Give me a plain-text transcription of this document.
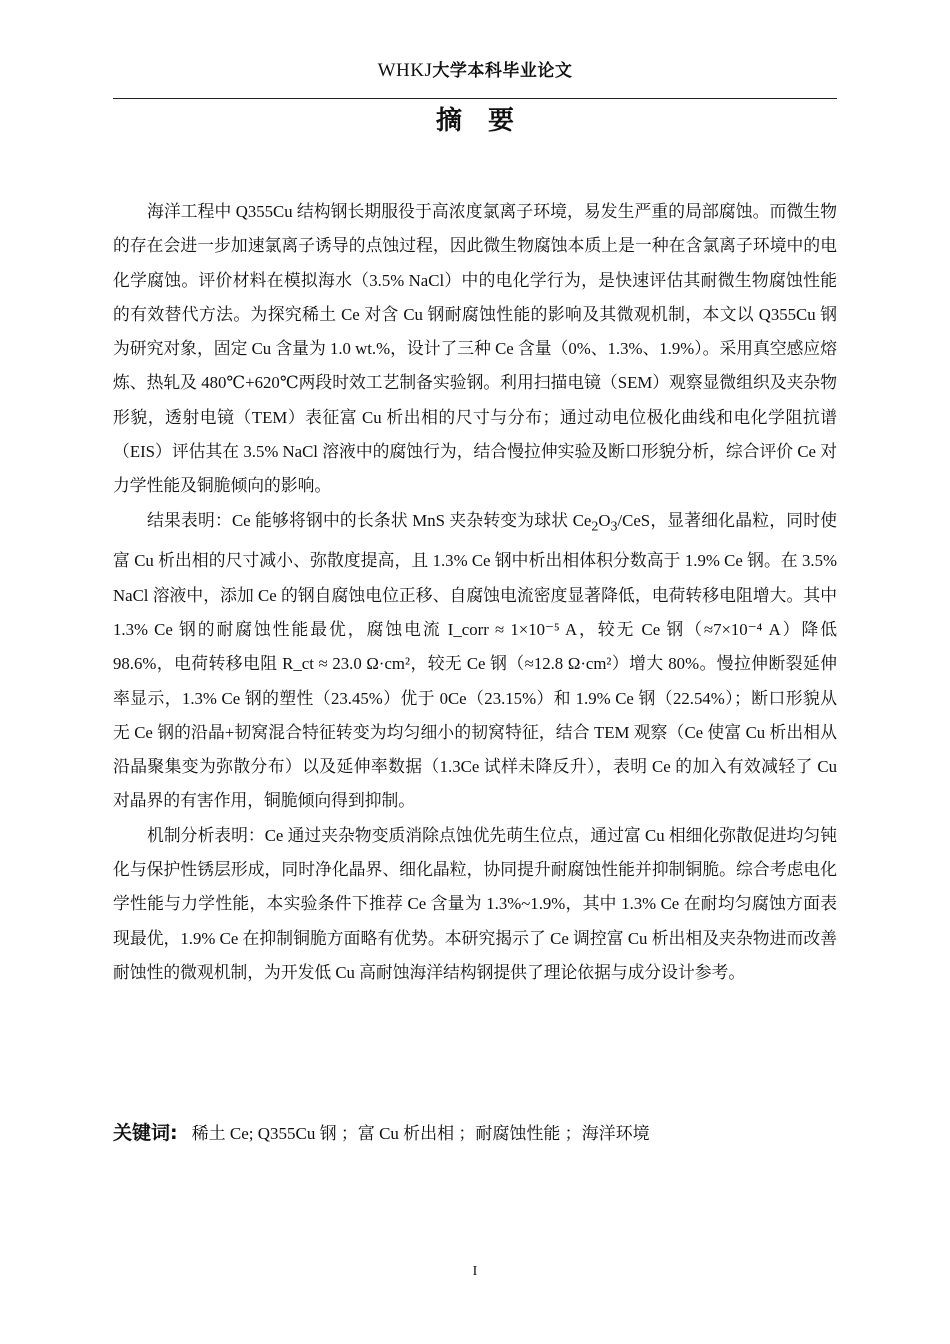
WHKJ大学本科毕业论文
摘要

海洋工程中 Q355Cu 结构钢长期服役于高浓度氯离子环境，易发生严重的局部腐蚀。而微生物的存在会进一步加速氯离子诱导的点蚀过程，因此微生物腐蚀本质上是一种在含氯离子环境中的电化学腐蚀。评价材料在模拟海水（3.5% NaCl）中的电化学行为，是快速评估其耐微生物腐蚀性能的有效替代方法。为探究稀土 Ce 对含 Cu 钢耐腐蚀性能的影响及其微观机制，本文以 Q355Cu 钢为研究对象，固定 Cu 含量为 1.0 wt.%，设计了三种 Ce 含量（0%、1.3%、1.9%）。采用真空感应熔炼、热轧及 480℃+620℃两段时效工艺制备实验钢。利用扫描电镜（SEM）观察显微组织及夹杂物形貌，透射电镜（TEM）表征富 Cu 析出相的尺寸与分布；通过动电位极化曲线和电化学阻抗谱（EIS）评估其在 3.5% NaCl 溶液中的腐蚀行为，结合慢拉伸实验及断口形貌分析，综合评价 Ce 对力学性能及铜脆倾向的影响。

结果表明：Ce 能够将钢中的长条状 MnS 夹杂转变为球状 $Ce_2O_3$/CeS，显著细化晶粒，同时使富 Cu 析出相的尺寸减小、弥散度提高，且 1.3% Ce 钢中析出相体积分数高于 1.9% Ce 钢。在 3.5% NaCl 溶液中，添加 Ce 的钢自腐蚀电位正移、自腐蚀电流密度显著降低，电荷转移电阻增大。其中 1.3% Ce 钢的耐腐蚀性能最优，腐蚀电流 I_corr ≈ 1×10⁻⁵ A，较无 Ce 钢（≈7×10⁻⁴ A）降低 98.6%，电荷转移电阻 R_ct ≈ 23.0 Ω·cm²，较无 Ce 钢（≈12.8 Ω·cm²）增大 80%。慢拉伸断裂延伸率显示，1.3% Ce 钢的塑性（23.45%）优于 0Ce（23.15%）和 1.9% Ce 钢（22.54%）；断口形貌从无 Ce 钢的沿晶+韧窝混合特征转变为均匀细小的韧窝特征，结合 TEM 观察（Ce 使富 Cu 析出相从沿晶聚集变为弥散分布）以及延伸率数据（1.3Ce 试样未降反升），表明 Ce 的加入有效减轻了 Cu 对晶界的有害作用，铜脆倾向得到抑制。

机制分析表明：Ce 通过夹杂物变质消除点蚀优先萌生位点，通过富 Cu 相细化弥散促进均匀钝化与保护性锈层形成，同时净化晶界、细化晶粒，协同提升耐腐蚀性能并抑制铜脆。综合考虑电化学性能与力学性能，本实验条件下推荐 Ce 含量为 1.3%~1.9%，其中 1.3% Ce 在耐均匀腐蚀方面表现最优，1.9% Ce 在抑制铜脆方面略有优势。本研究揭示了 Ce 调控富 Cu 析出相及夹杂物进而改善耐蚀性的微观机制，为开发低 Cu 高耐蚀海洋结构钢提供了理论依据与成分设计参考。

关键词: 稀土 Ce; Q355Cu 钢 ；富 Cu 析出相 ；耐腐蚀性能 ；海洋环境
I
